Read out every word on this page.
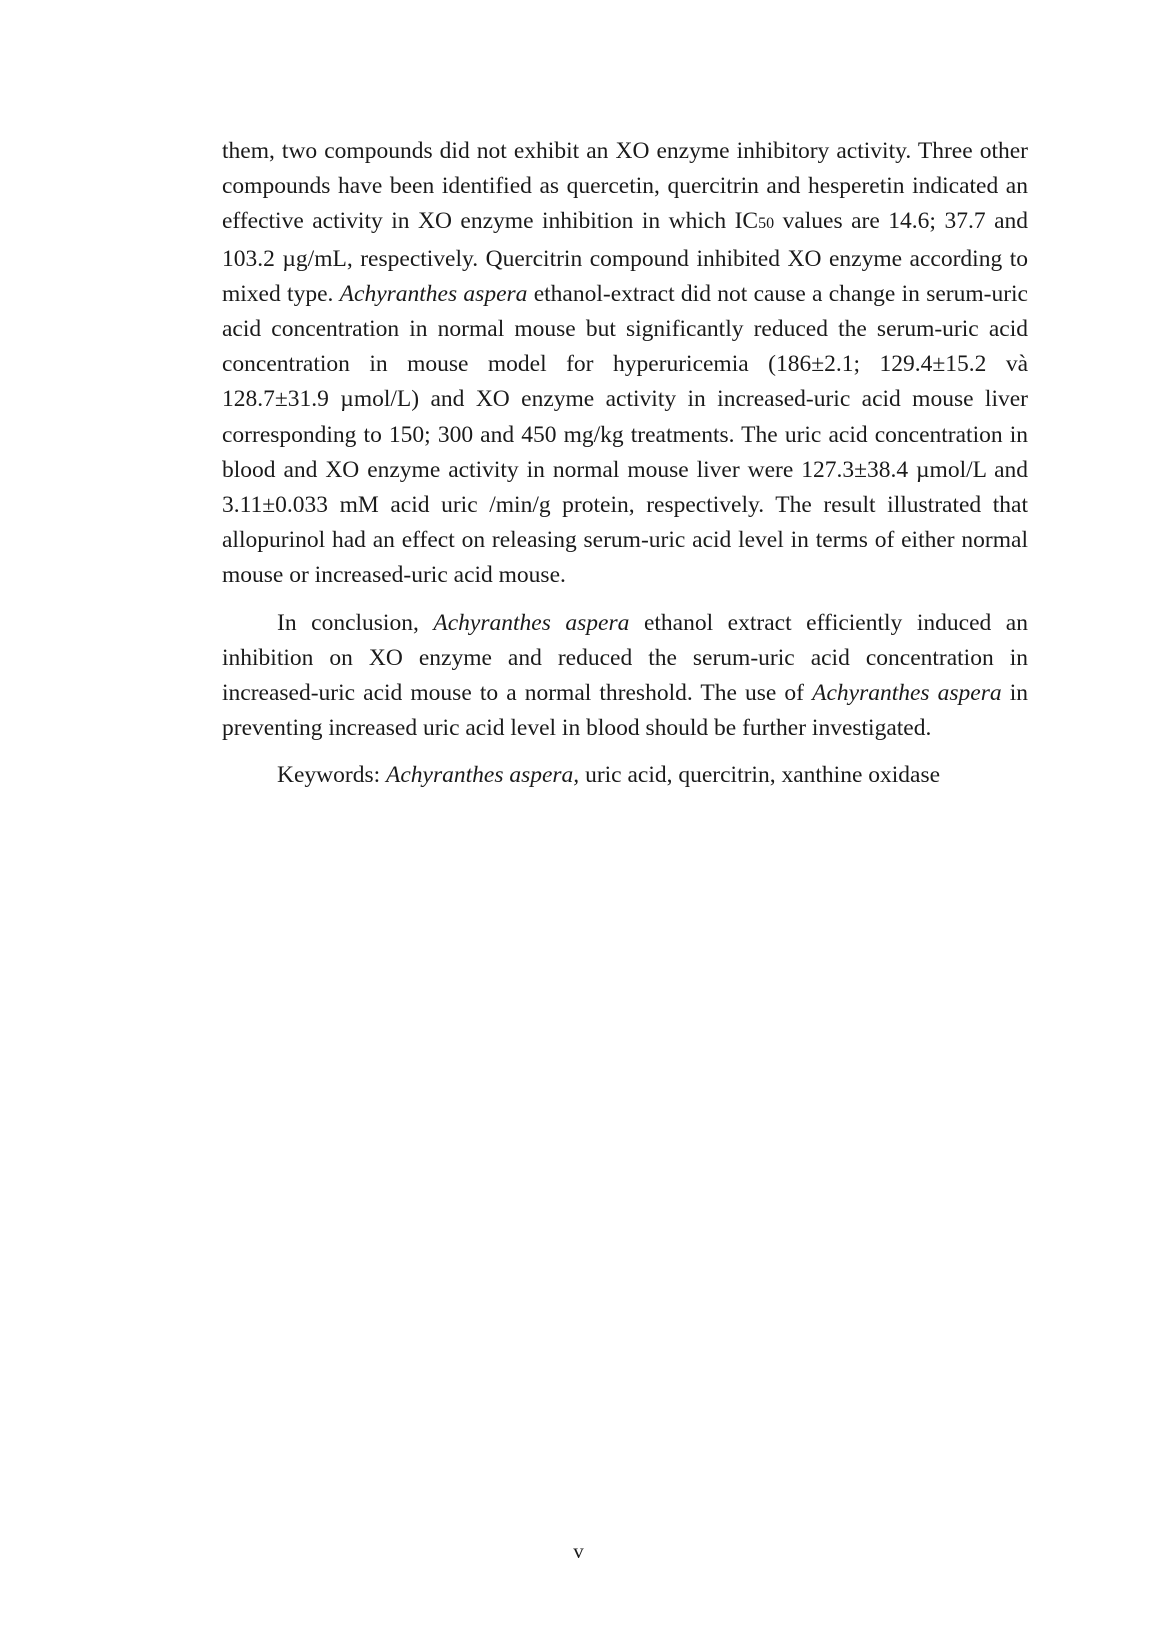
them, two compounds did not exhibit an XO enzyme inhibitory activity. Three other compounds have been identified as quercetin, quercitrin and hesperetin indicated an effective activity in XO enzyme inhibition in which IC50 values are 14.6; 37.7 and 103.2 µg/mL, respectively. Quercitrin compound inhibited XO enzyme according to mixed type. Achyranthes aspera ethanol-extract did not cause a change in serum-uric acid concentration in normal mouse but significantly reduced the serum-uric acid concentration in mouse model for hyperuricemia (186±2.1; 129.4±15.2 và 128.7±31.9 µmol/L) and XO enzyme activity in increased-uric acid mouse liver corresponding to 150; 300 and 450 mg/kg treatments. The uric acid concentration in blood and XO enzyme activity in normal mouse liver were 127.3±38.4 µmol/L and 3.11±0.033 mM acid uric /min/g protein, respectively. The result illustrated that allopurinol had an effect on releasing serum-uric acid level in terms of either normal mouse or increased-uric acid mouse.

In conclusion, Achyranthes aspera ethanol extract efficiently induced an inhibition on XO enzyme and reduced the serum-uric acid concentration in increased-uric acid mouse to a normal threshold. The use of Achyranthes aspera in preventing increased uric acid level in blood should be further investigated.

Keywords: Achyranthes aspera, uric acid, quercitrin, xanthine oxidase

v
